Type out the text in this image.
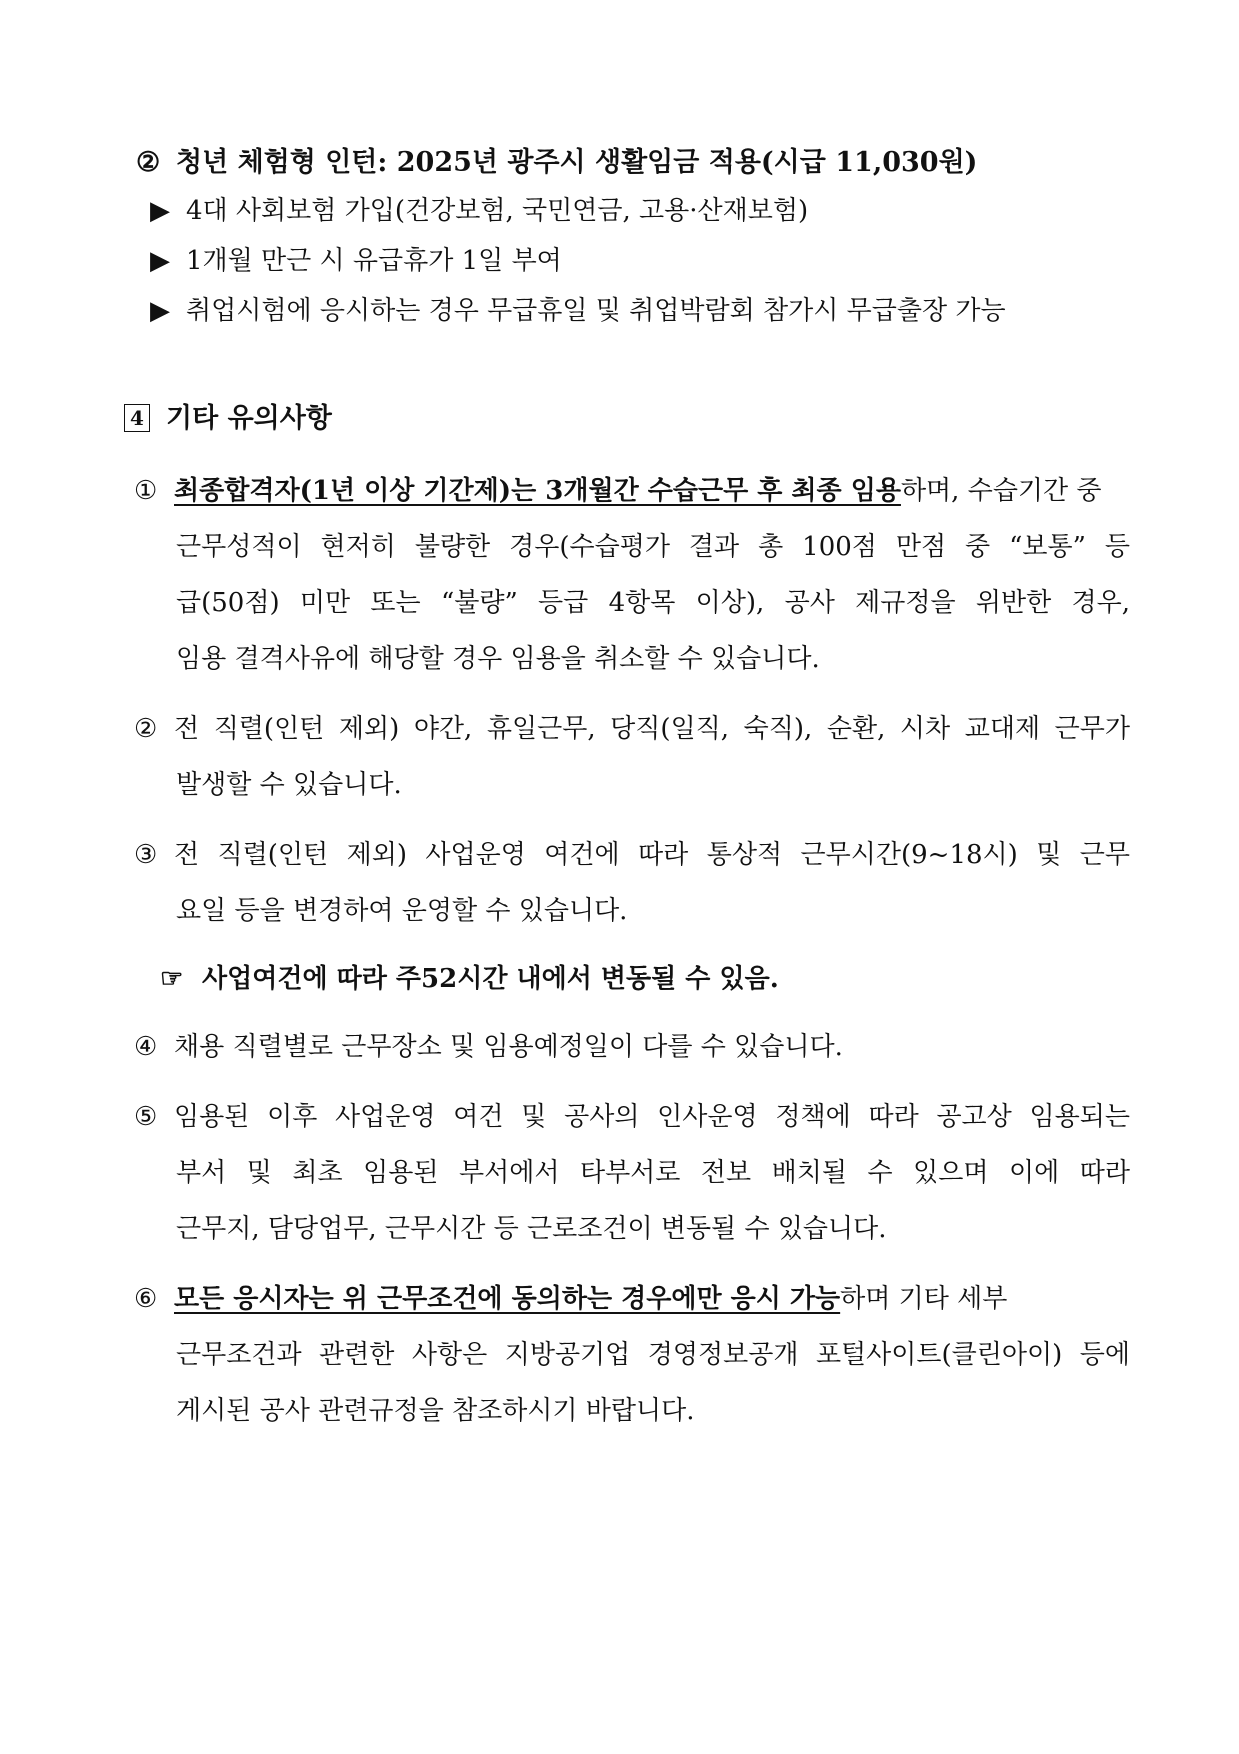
② 청년 체험형 인턴: 2025년 광주시 생활임금 적용(시급 11,030원)
▶ 4대 사회보험 가입(건강보험, 국민연금, 고용·산재보험)
▶ 1개월 만근 시 유급휴가 1일 부여
▶ 취업시험에 응시하는 경우 무급휴일 및 취업박람회 참가시 무급출장 가능
4 기타 유의사항
① 최종합격자(1년 이상 기간제)는 3개월간 수습근무 후 최종 임용하며, 수습기간 중
근무성적이 현저히 불량한 경우(수습평가 결과 총 100점 만점 중 “보통” 등
급(50점) 미만 또는 “불량” 등급 4항목 이상), 공사 제규정을 위반한 경우,
임용 결격사유에 해당할 경우 임용을 취소할 수 있습니다.
② 전 직렬(인턴 제외) 야간, 휴일근무, 당직(일직, 숙직), 순환, 시차 교대제 근무가
발생할 수 있습니다.
③ 전 직렬(인턴 제외) 사업운영 여건에 따라 통상적 근무시간(9~18시) 및 근무
요일 등을 변경하여 운영할 수 있습니다.
☞ 사업여건에 따라 주52시간 내에서 변동될 수 있음.
④ 채용 직렬별로 근무장소 및 임용예정일이 다를 수 있습니다.
⑤ 임용된 이후 사업운영 여건 및 공사의 인사운영 정책에 따라 공고상 임용되는
부서 및 최초 임용된 부서에서 타부서로 전보 배치될 수 있으며 이에 따라
근무지, 담당업무, 근무시간 등 근로조건이 변동될 수 있습니다.
⑥ 모든 응시자는 위 근무조건에 동의하는 경우에만 응시 가능하며 기타 세부
근무조건과 관련한 사항은 지방공기업 경영정보공개 포털사이트(클린아이) 등에
게시된 공사 관련규정을 참조하시기 바랍니다.
